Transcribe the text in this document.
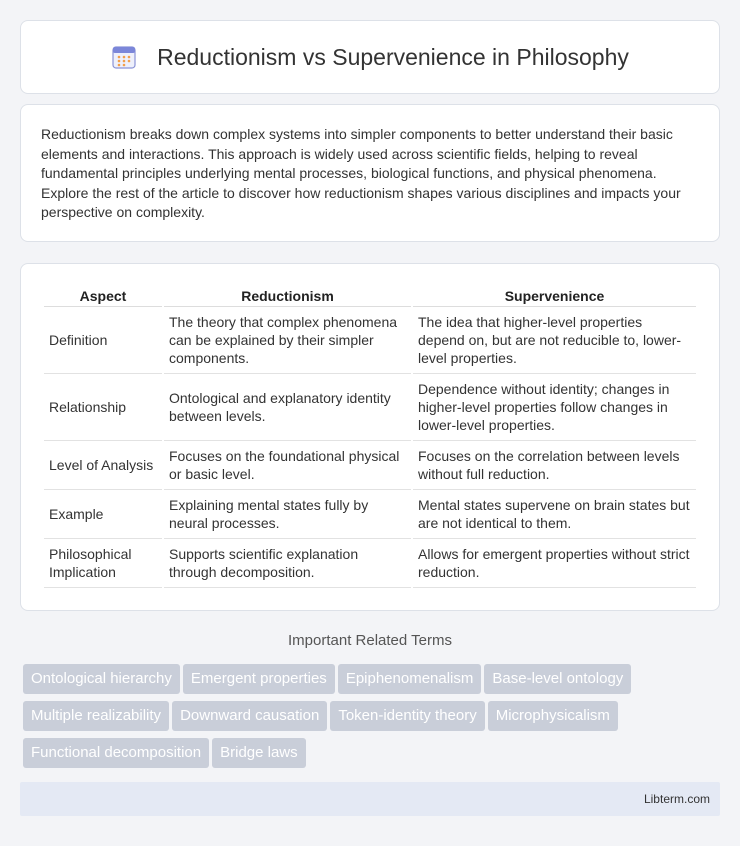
Reductionism vs Supervenience in Philosophy

Reductionism breaks down complex systems into simpler components to better understand their basic elements and interactions. This approach is widely used across scientific fields, helping to reveal fundamental principles underlying mental processes, biological functions, and physical phenomena. Explore the rest of the article to discover how reductionism shapes various disciplines and impacts your perspective on complexity.

Aspect	Reductionism	Supervenience
Definition	The theory that complex phenomena can be explained by their simpler components.	The idea that higher-level properties depend on, but are not reducible to, lower-level properties.
Relationship	Ontological and explanatory identity between levels.	Dependence without identity; changes in higher-level properties follow changes in lower-level properties.
Level of Analysis	Focuses on the foundational physical or basic level.	Focuses on the correlation between levels without full reduction.
Example	Explaining mental states fully by neural processes.	Mental states supervene on brain states but are not identical to them.
Philosophical Implication	Supports scientific explanation through decomposition.	Allows for emergent properties without strict reduction.
Important Related Terms
Ontological hierarchy Emergent properties Epiphenomenalism Base-level ontology
Multiple realizability Downward causation Token-identity theory Microphysicalism
Functional decomposition Bridge laws
Libterm.com
